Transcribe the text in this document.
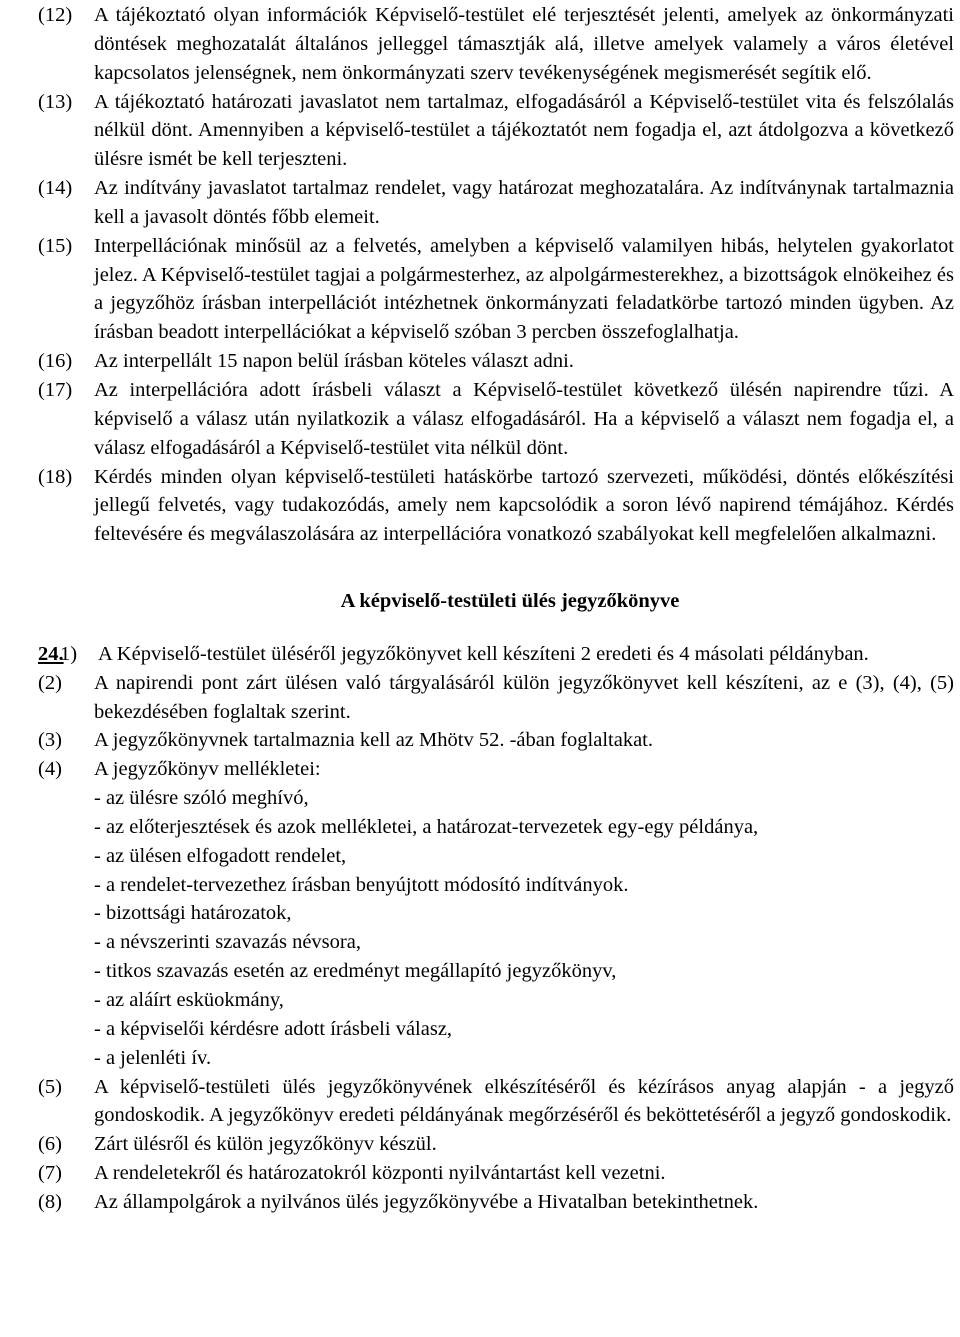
(12) A tájékoztató olyan információk Képviselő-testület elé terjesztését jelenti, amelyek az önkormányzati döntések meghozatalát általános jelleggel támasztják alá, illetve amelyek valamely a város életével kapcsolatos jelenségnek, nem önkormányzati szerv tevékenységének megismerését segítik elő.
(13) A tájékoztató határozati javaslatot nem tartalmaz, elfogadásáról a Képviselő-testület vita és felszólalás nélkül dönt. Amennyiben a képviselő-testület a tájékoztatót nem fogadja el, azt átdolgozva a következő ülésre ismét be kell terjeszteni.
(14) Az indítvány javaslatot tartalmaz rendelet, vagy határozat meghozatalára. Az indítványnak tartalmaznia kell a javasolt döntés főbb elemeit.
(15) Interpellációnak minősül az a felvetés, amelyben a képviselő valamilyen hibás, helytelen gyakorlatot jelez. A Képviselő-testület tagjai a polgármesterhez, az alpolgármesterekhez, a bizottságok elnökeihez és a jegyzőhöz írásban interpellációt intézhetnek önkormányzati feladatkörbe tartozó minden ügyben. Az írásban beadott interpellációkat a képviselő szóban 3 percben összefoglalhatja.
(16) Az interpellált 15 napon belül írásban köteles választ adni.
(17) Az interpellációra adott írásbeli választ a Képviselő-testület következő ülésén napirendre tűzi. A képviselő a válasz után nyilatkozik a válasz elfogadásáról. Ha a képviselő a választ nem fogadja el, a válasz elfogadásáról a Képviselő-testület vita nélkül dönt.
(18) Kérdés minden olyan képviselő-testületi hatáskörbe tartozó szervezeti, működési, döntés előkészítési jellegű felvetés, vagy tudakozódás, amely nem kapcsolódik a soron lévő napirend témájához. Kérdés feltevésére és megválaszolására az interpellációra vonatkozó szabályokat kell megfelelően alkalmazni.
A képviselő-testületi ülés jegyzőkönyve
24.
1) A Képviselő-testület üléséről jegyzőkönyvet kell készíteni 2 eredeti és 4 másolati példányban.
(2) A napirendi pont zárt ülésen való tárgyalásáról külön jegyzőkönyvet kell készíteni, az e (3), (4), (5) bekezdésében foglaltak szerint.
(3) A jegyzőkönyvnek tartalmaznia kell az Mhötv 52. -ában foglaltakat.
(4) A jegyzőkönyv mellékletei:
- az ülésre szóló meghívó,
- az előterjesztések és azok mellékletei, a határozat-tervezetek egy-egy példánya,
- az ülésen elfogadott rendelet,
- a rendelet-tervezethez írásban benyújtott módosító indítványok.
- bizottsági határozatok,
- a névszerinti szavazás névsora,
- titkos szavazás esetén az eredményt megállapító jegyzőkönyv,
- az aláírt esküokmány,
- a képviselői kérdésre adott írásbeli válasz,
- a jelenléti ív.
(5) A képviselő-testületi ülés jegyzőkönyvének elkészítéséről és kézírásos anyag alapján - a jegyző gondoskodik. A jegyzőkönyv eredeti példányának megőrzéséről és beköttetéséről a jegyző gondoskodik.
(6) Zárt ülésről és külön jegyzőkönyv készül.
(7) A rendeletekről és határozatokról központi nyilvántartást kell vezetni.
(8) Az állampolgárok a nyilvános ülés jegyzőkönyvébe a Hivatalban betekinthetnek.
